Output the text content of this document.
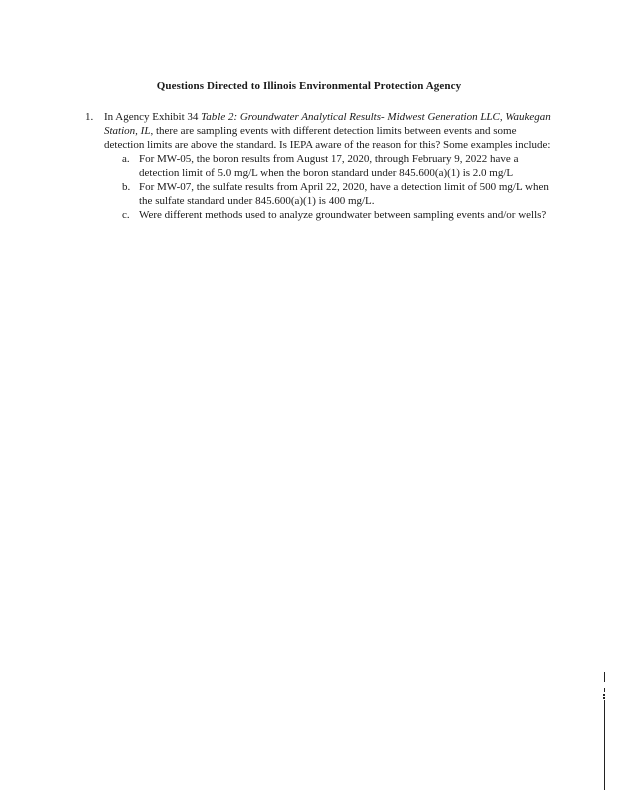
Questions Directed to Illinois Environmental Protection Agency
1. In Agency Exhibit 34 Table 2: Groundwater Analytical Results- Midwest Generation LLC, Waukegan Station, IL, there are sampling events with different detection limits between events and some detection limits are above the standard. Is IEPA aware of the reason for this? Some examples include:
a. For MW-05, the boron results from August 17, 2020, through February 9, 2022 have a detection limit of 5.0 mg/L when the boron standard under 845.600(a)(1) is 2.0 mg/L
b. For MW-07, the sulfate results from April 22, 2020, have a detection limit of 500 mg/L when the sulfate standard under 845.600(a)(1) is 400 mg/L.
c. Were different methods used to analyze groundwater between sampling events and/or wells?
